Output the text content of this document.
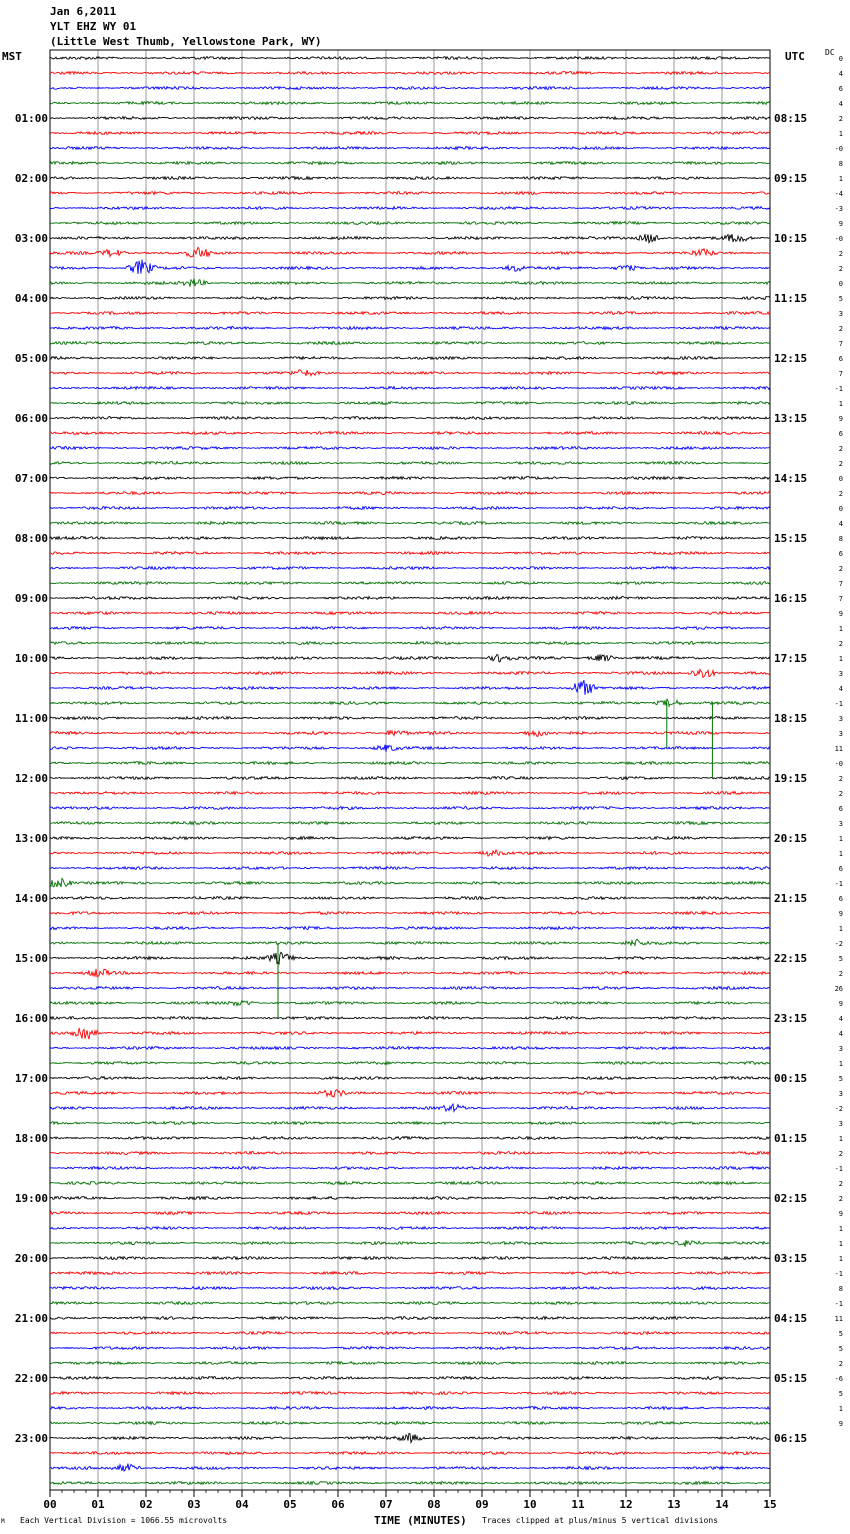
Jan 6,2011
YLT EHZ WY 01
(Little West Thumb, Yellowstone Park, WY)
MST	UTC	DC
0
4
6
4
2
1
-0
8
1
-4
-3
9
-0
2
2
0
5
3
2
7
6
7
-1
1
9
6
2
2
0
2
0
4
8
6
2
7
7
9
1
2
1
3
4
-1
3
3
11
-0
2
2
6
3
1
1
6
-1
6
9
1
-2
5
2
26
9
4
4
3
1
5
3
-2
3
1
2
-1
2
2
9
1
1
1
-1
8
-1
11
5
5
2
-6
5
1
9
01:00	08:15
02:00	09:15
03:00	10:15
04:00	11:15
05:00	12:15
06:00	13:15
07:00	14:15
08:00	15:15
09:00	16:15
10:00	17:15
11:00	18:15
12:00	19:15
13:00	20:15
14:00	21:15
15:00	22:15
16:00	23:15
17:00	00:15
18:00	01:15
19:00	02:15
20:00	03:15
21:00	04:15
22:00	05:15
23:00	06:15
00	01	02	03	04	05	06	07	08	09	10	11	12	13	14	15
Each Vertical Division = 1066.55 microvolts	TIME (MINUTES) Traces clipped at plus/minus 5 vertical divisions
M
